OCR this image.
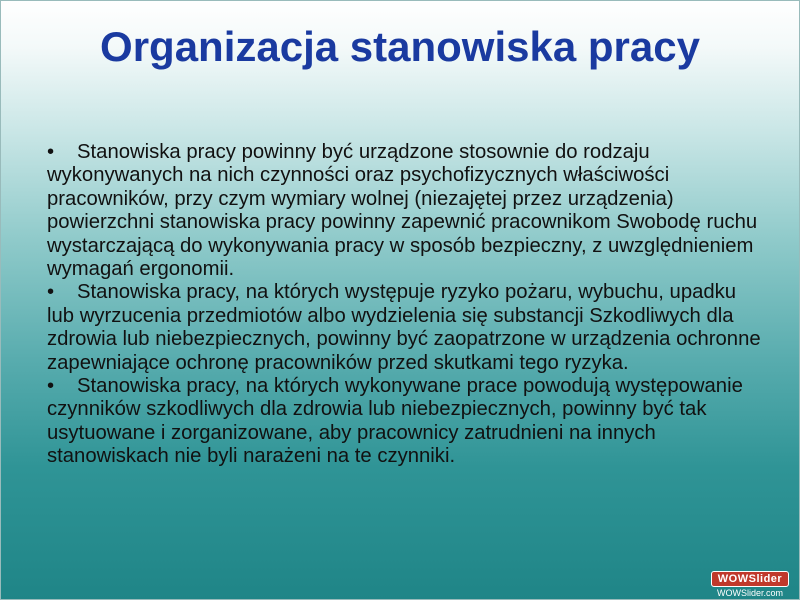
Organizacja stanowiska pracy

• Stanowiska pracy powinny być urządzone stosownie do rodzaju wykonywanych na nich czynności oraz psychofizycznych właściwości pracowników, przy czym wymiary wolnej (niezajętej przez urządzenia) powierzchni stanowiska pracy powinny zapewnić pracownikom Swobodę ruchu wystarczającą do wykonywania pracy w sposób bezpieczny, z uwzględnieniem wymagań ergonomii.

• Stanowiska pracy, na których występuje ryzyko pożaru, wybuchu, upadku lub wyrzucenia przedmiotów albo wydzielenia się substancji Szkodliwych dla zdrowia lub niebezpiecznych, powinny być zaopatrzone w urządzenia ochronne zapewniające ochronę pracowników przed skutkami tego ryzyka.

• Stanowiska pracy, na których wykonywane prace powodują występowanie czynników szkodliwych dla zdrowia lub niebezpiecznych, powinny być tak usytuowane i zorganizowane, aby pracownicy zatrudnieni na innych stanowiskach nie byli narażeni na te czynniki.

WOWSlider
WOWSlider.com
